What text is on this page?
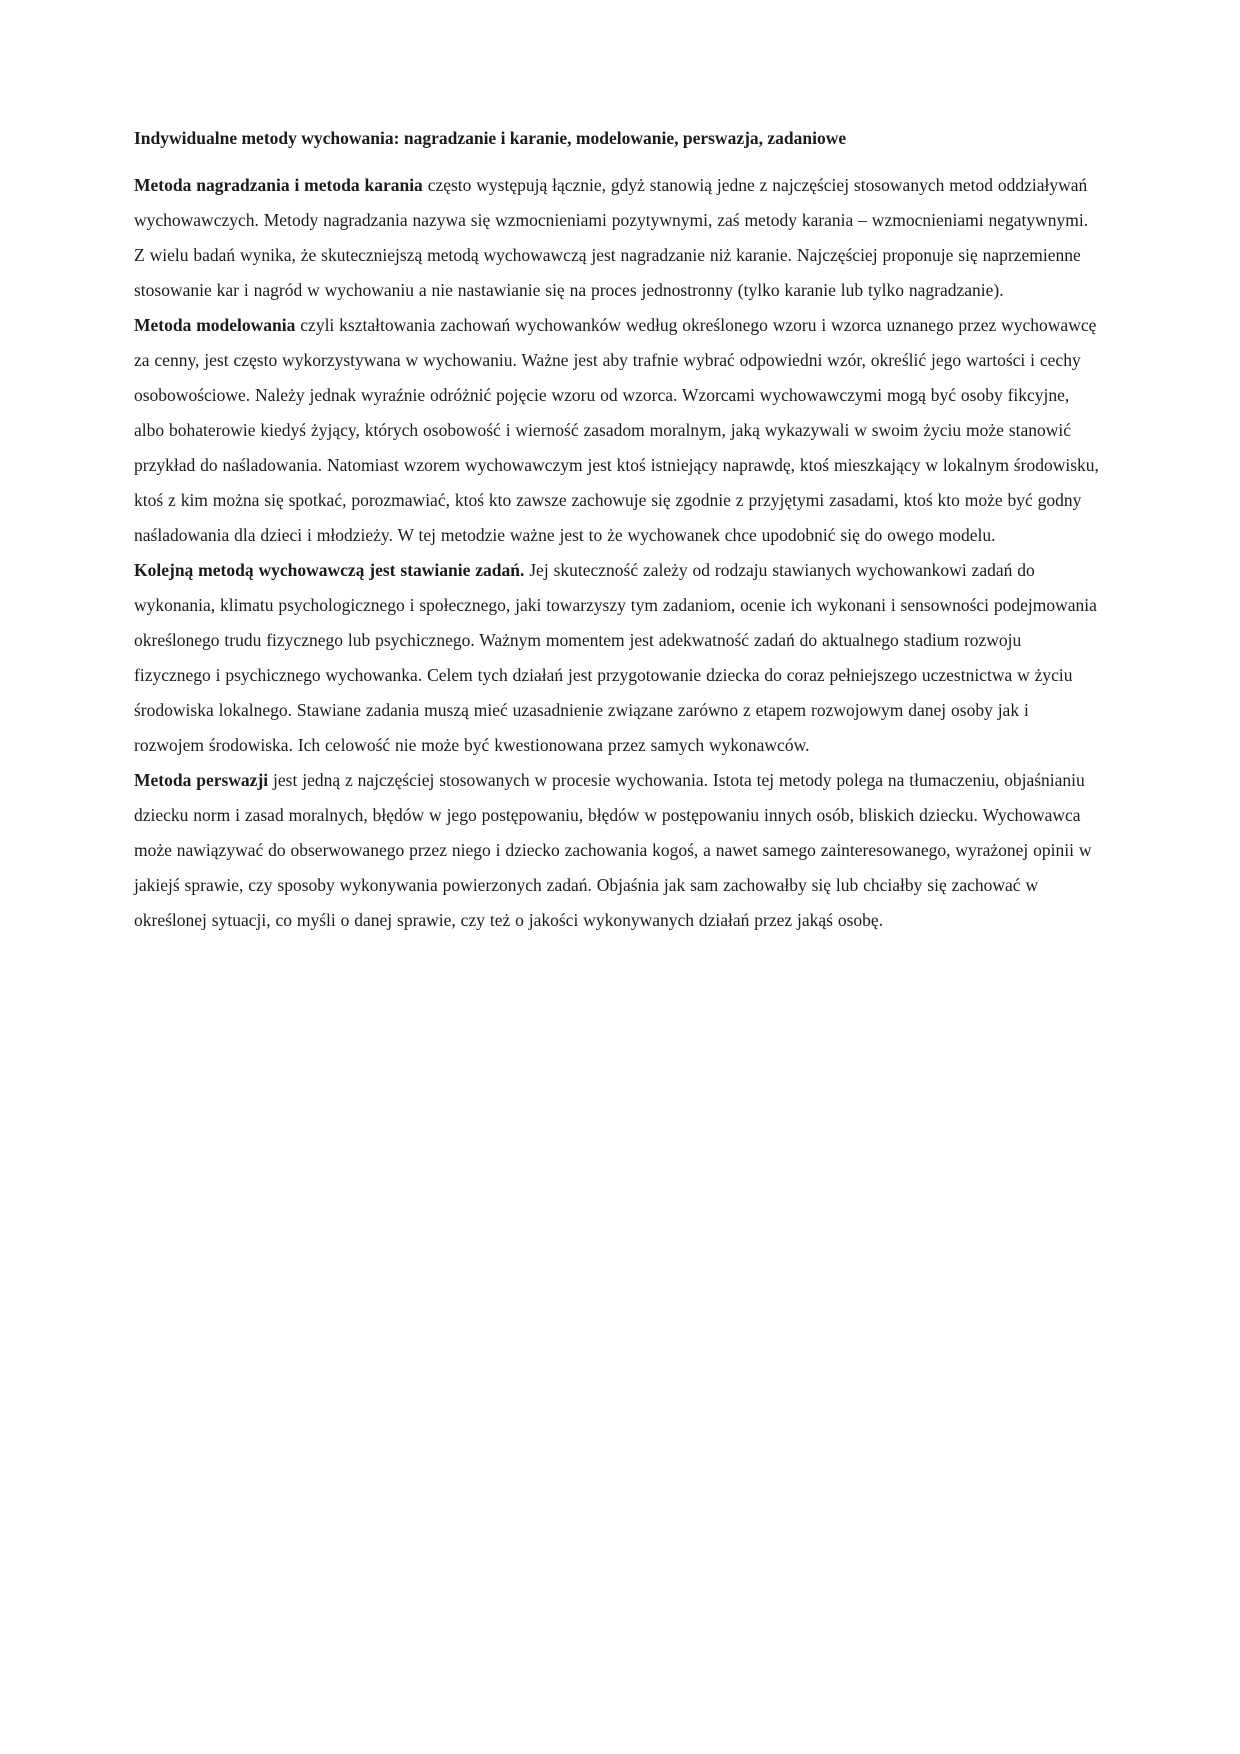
Indywidualne metody wychowania: nagradzanie i karanie, modelowanie, perswazja, zadaniowe

Metoda nagradzania i metoda karania często występują łącznie, gdyż stanowią jedne z najczęściej stosowanych metod oddziaływań wychowawczych. Metody nagradzania nazywa się wzmocnieniami pozytywnymi, zaś metody karania – wzmocnieniami negatywnymi. Z wielu badań wynika, że skuteczniejszą metodą wychowawczą jest nagradzanie niż karanie. Najczęściej proponuje się naprzemienne stosowanie kar i nagród w wychowaniu a nie nastawianie się na proces jednostronny (tylko karanie lub tylko nagradzanie).

Metoda modelowania czyli kształtowania zachowań wychowanków według określonego wzoru i wzorca uznanego przez wychowawcę za cenny, jest często wykorzystywana w wychowaniu. Ważne jest aby trafnie wybrać odpowiedni wzór, określić jego wartości i cechy osobowościowe. Należy jednak wyraźnie odróżnić pojęcie wzoru od wzorca. Wzorcami wychowawczymi mogą być osoby fikcyjne, albo bohaterowie kiedyś żyjący, których osobowość i wierność zasadom moralnym, jaką wykazywali w swoim życiu może stanowić przykład do naśladowania. Natomiast wzorem wychowawczym jest ktoś istniejący naprawdę, ktoś mieszkający w lokalnym środowisku, ktoś z kim można się spotkać, porozmawiać, ktoś kto zawsze zachowuje się zgodnie z przyjętymi zasadami, ktoś kto może być godny naśladowania dla dzieci i młodzieży. W tej metodzie ważne jest to że wychowanek chce upodobnić się do owego modelu.

Kolejną metodą wychowawczą jest stawianie zadań. Jej skuteczność zależy od rodzaju stawianych wychowankowi zadań do wykonania, klimatu psychologicznego i społecznego, jaki towarzyszy tym zadaniom, ocenie ich wykonani i sensowności podejmowania określonego trudu fizycznego lub psychicznego. Ważnym momentem jest adekwatność zadań do aktualnego stadium rozwoju fizycznego i psychicznego wychowanka. Celem tych działań jest przygotowanie dziecka do coraz pełniejszego uczestnictwa w życiu środowiska lokalnego. Stawiane zadania muszą mieć uzasadnienie związane zarówno z etapem rozwojowym danej osoby jak i rozwojem środowiska. Ich celowość nie może być kwestionowana przez samych wykonawców.

Metoda perswazji jest jedną z najczęściej stosowanych w procesie wychowania. Istota tej metody polega na tłumaczeniu, objaśnianiu dziecku norm i zasad moralnych, błędów w jego postępowaniu, błędów w postępowaniu innych osób, bliskich dziecku. Wychowawca może nawiązywać do obserwowanego przez niego i dziecko zachowania kogoś, a nawet samego zainteresowanego, wyrażonej opinii w jakiejś sprawie, czy sposoby wykonywania powierzonych zadań. Objaśnia jak sam zachowałby się lub chciałby się zachować w określonej sytuacji, co myśli o danej sprawie, czy też o jakości wykonywanych działań przez jakąś osobę.
